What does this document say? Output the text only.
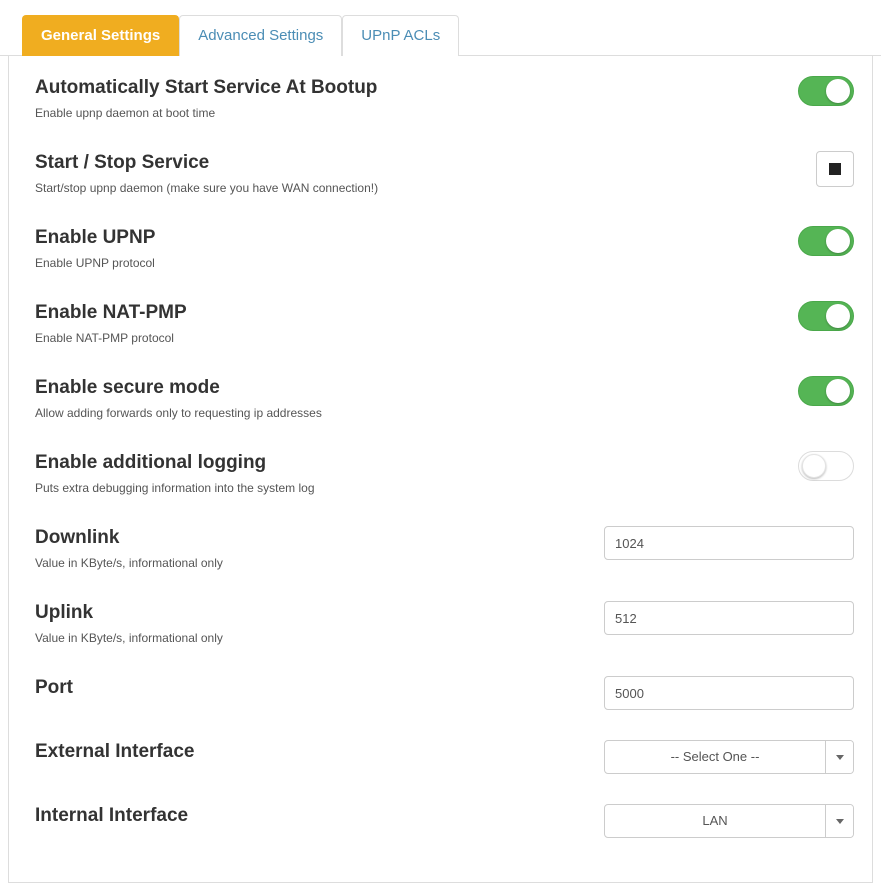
General Settings	Advanced Settings	UPnP ACLs

Automatically Start Service At Bootup

Enable upnp daemon at boot time

Start / Stop Service

Start/stop upnp daemon (make sure you have WAN connection!)

Enable UPNP

Enable UPNP protocol

Enable NAT-PMP

Enable NAT-PMP protocol

Enable secure mode

Allow adding forwards only to requesting ip addresses

Enable additional logging

Puts extra debugging information into the system log

Downlink

Value in KByte/s, informational only

1024

Uplink

Value in KByte/s, informational only

512

Port

5000

External Interface	-- Select One --

Internal Interface	LAN
